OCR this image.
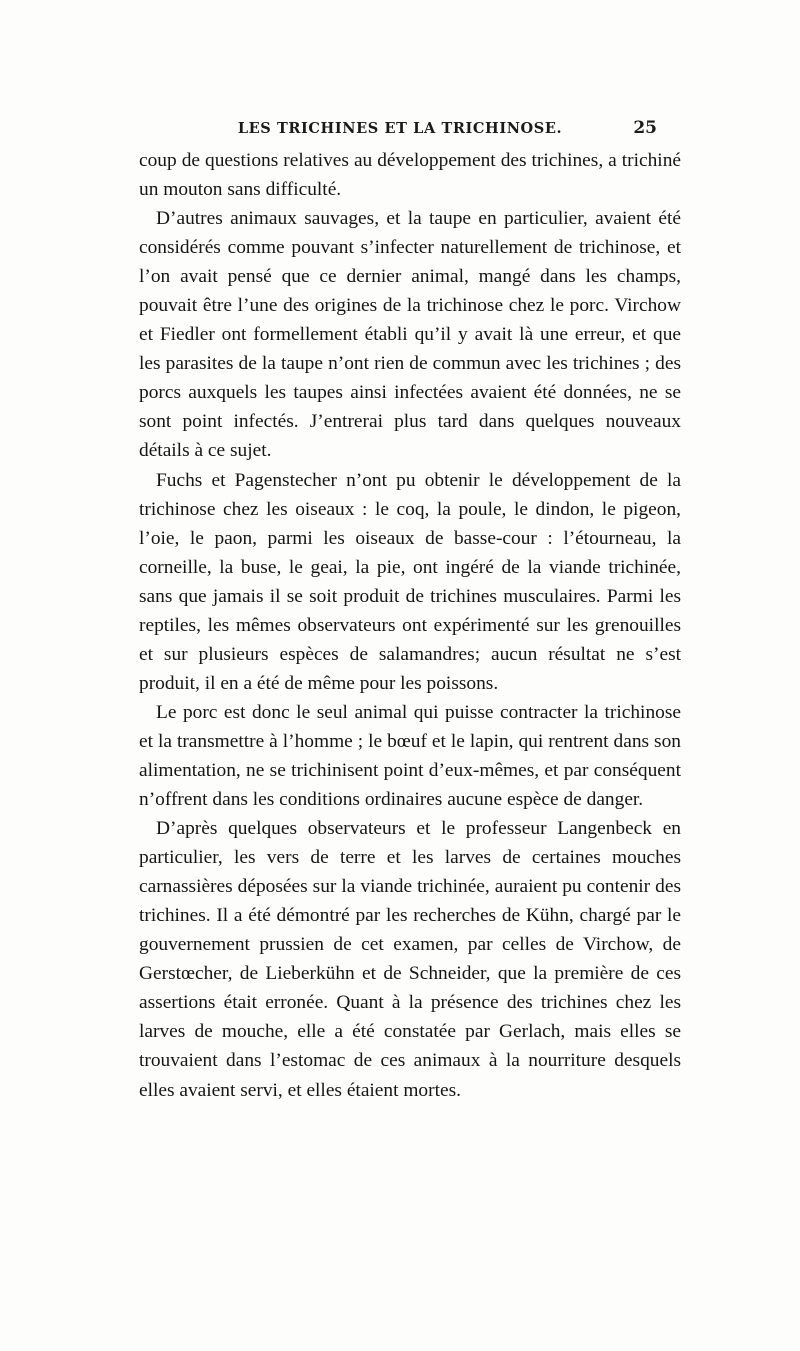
LES TRICHINES ET LA TRICHINOSE.	25

coup de questions relatives au développement des trichines, a trichiné un mouton sans difficulté.

D’autres animaux sauvages, et la taupe en particulier, avaient été considérés comme pouvant s’infecter naturellement de trichinose, et l’on avait pensé que ce dernier animal, mangé dans les champs, pouvait être l’une des origines de la trichinose chez le porc. Virchow et Fiedler ont formellement établi qu’il y avait là une erreur, et que les parasites de la taupe n’ont rien de commun avec les trichines ; des porcs auxquels les taupes ainsi infectées avaient été données, ne se sont point infectés. J’entrerai plus tard dans quelques nouveaux détails à ce sujet.

Fuchs et Pagenstecher n’ont pu obtenir le développement de la trichinose chez les oiseaux : le coq, la poule, le dindon, le pigeon, l’oie, le paon, parmi les oiseaux de basse-cour : l’étourneau, la corneille, la buse, le geai, la pie, ont ingéré de la viande trichinée, sans que jamais il se soit produit de trichines musculaires. Parmi les reptiles, les mêmes observateurs ont expérimenté sur les grenouilles et sur plusieurs espèces de salamandres; aucun résultat ne s’est produit, il en a été de même pour les poissons.

Le porc est donc le seul animal qui puisse contracter la trichinose et la transmettre à l’homme ; le bœuf et le lapin, qui rentrent dans son alimentation, ne se trichinisent point d’eux-mêmes, et par conséquent n’offrent dans les conditions ordinaires aucune espèce de danger.

D’après quelques observateurs et le professeur Langenbeck en particulier, les vers de terre et les larves de certaines mouches carnassières déposées sur la viande trichinée, auraient pu contenir des trichines. Il a été démontré par les recherches de Kühn, chargé par le gouvernement prussien de cet examen, par celles de Virchow, de Gerstœcher, de Lieberkühn et de Schneider, que la première de ces assertions était erronée. Quant à la présence des trichines chez les larves de mouche, elle a été constatée par Gerlach, mais elles se trouvaient dans l’estomac de ces animaux à la nourriture desquels elles avaient servi, et elles étaient mortes.
